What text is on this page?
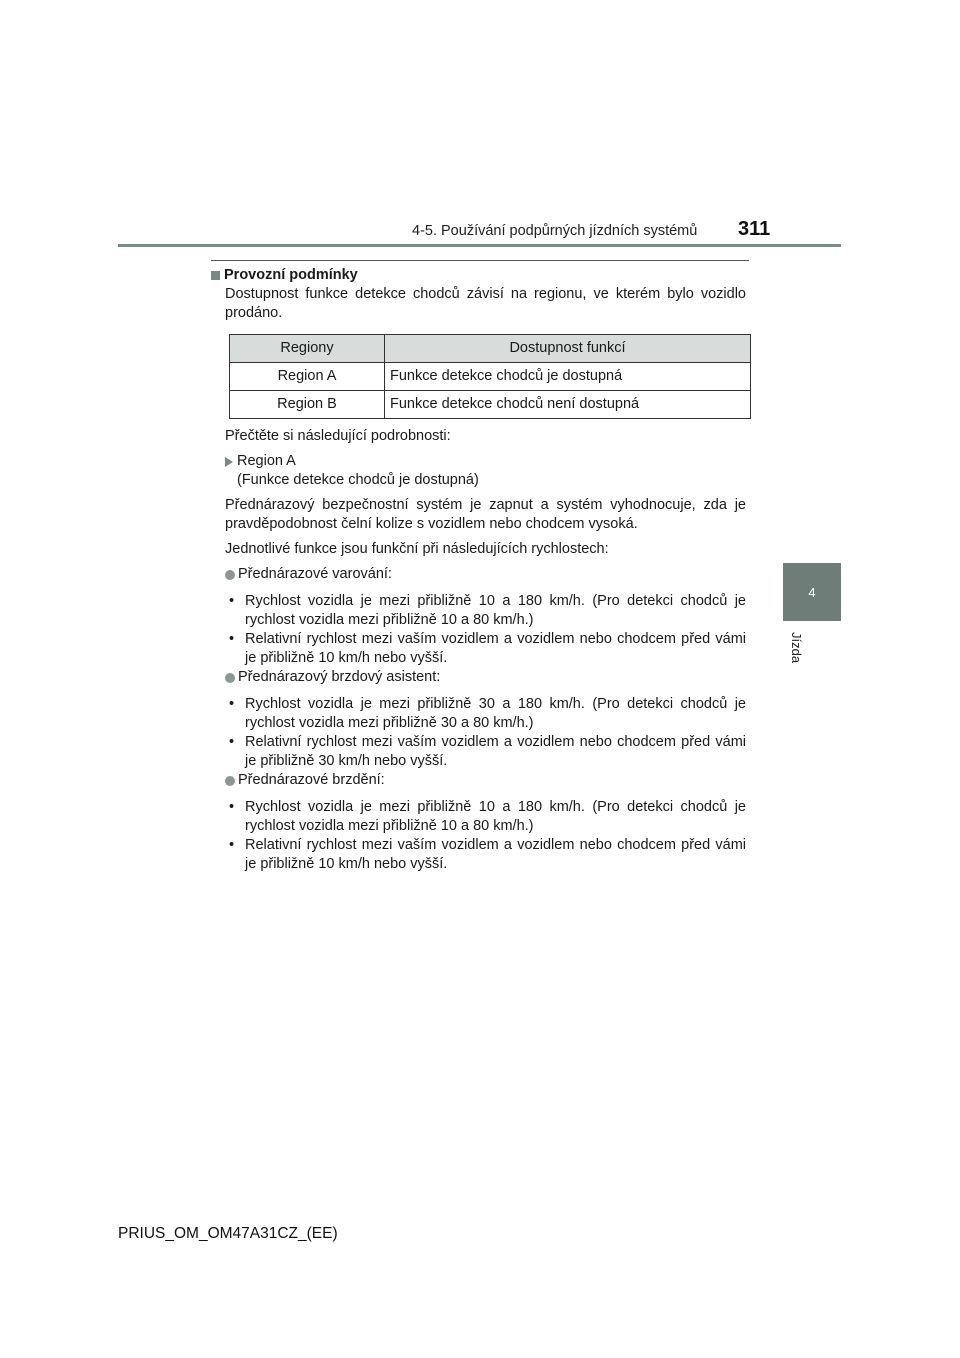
4-5. Používání podpůrných jízdních systémů 311
4
Jízda
Provozní podmínky

Dostupnost funkce detekce chodců závisí na regionu, ve kterém bylo vozidlo prodáno.

Regiony	Dostupnost funkcí
Region A	Funkce detekce chodců je dostupná
Region B	Funkce detekce chodců není dostupná

Přečtěte si následující podrobnosti:

Region A
(Funkce detekce chodců je dostupná)

Přednárazový bezpečnostní systém je zapnut a systém vyhodnocuje, zda je pravděpodobnost čelní kolize s vozidlem nebo chodcem vysoká.

Jednotlivé funkce jsou funkční při následujících rychlostech:

Přednárazové varování:
• Rychlost vozidla je mezi přibližně 10 a 180 km/h. (Pro detekci chodců je rychlost vozidla mezi přibližně 10 a 80 km/h.)
• Relativní rychlost mezi vaším vozidlem a vozidlem nebo chodcem před vámi je přibližně 10 km/h nebo vyšší.
Přednárazový brzdový asistent:
• Rychlost vozidla je mezi přibližně 30 a 180 km/h. (Pro detekci chodců je rychlost vozidla mezi přibližně 30 a 80 km/h.)
• Relativní rychlost mezi vaším vozidlem a vozidlem nebo chodcem před vámi je přibližně 30 km/h nebo vyšší.
Přednárazové brzdění:
• Rychlost vozidla je mezi přibližně 10 a 180 km/h. (Pro detekci chodců je rychlost vozidla mezi přibližně 10 a 80 km/h.)
• Relativní rychlost mezi vaším vozidlem a vozidlem nebo chodcem před vámi je přibližně 10 km/h nebo vyšší.
PRIUS_OM_OM47A31CZ_(EE)
